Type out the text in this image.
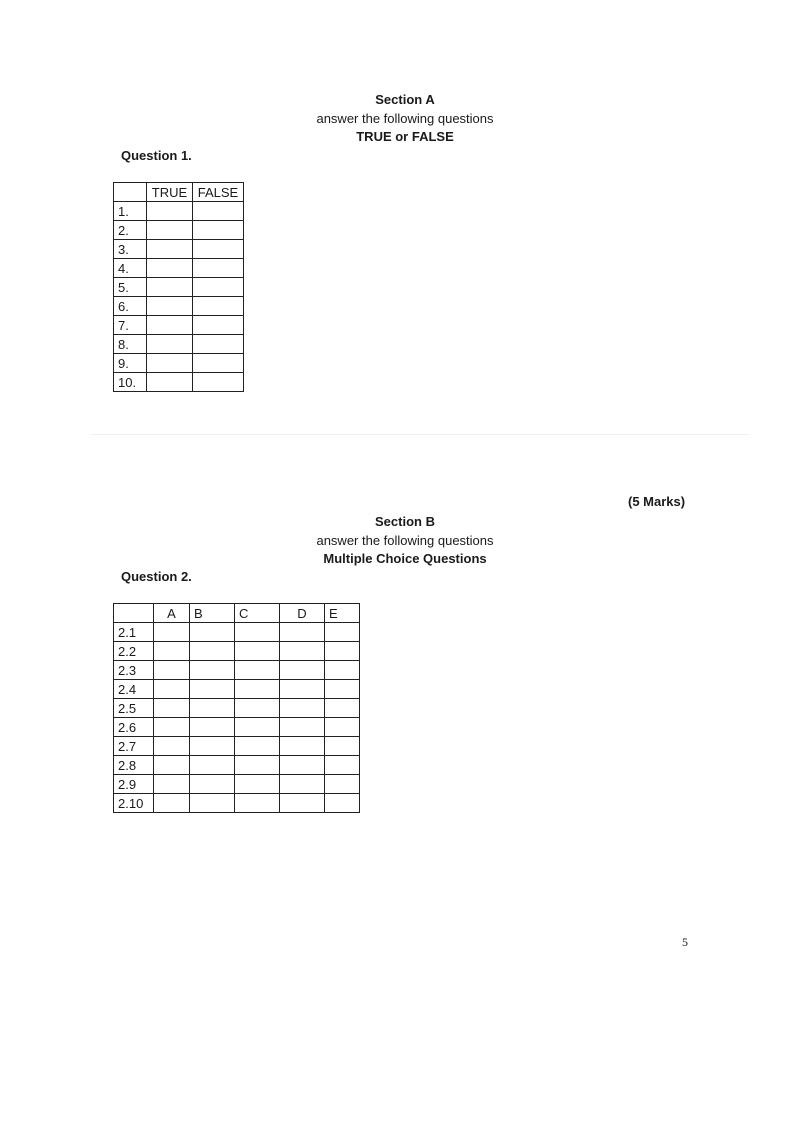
Section A
answer the following questions
TRUE or FALSE
Question 1.
	TRUE	FALSE
1.		
2.		
3.		
4.		
5.		
6.		
7.		
8.		
9.		
10.		
(5 Marks)
Section B
answer the following questions
Multiple Choice Questions
Question 2.
	A	B	C	D	E
2.1					
2.2					
2.3					
2.4					
2.5					
2.6					
2.7					
2.8					
2.9					
2.10					
5
